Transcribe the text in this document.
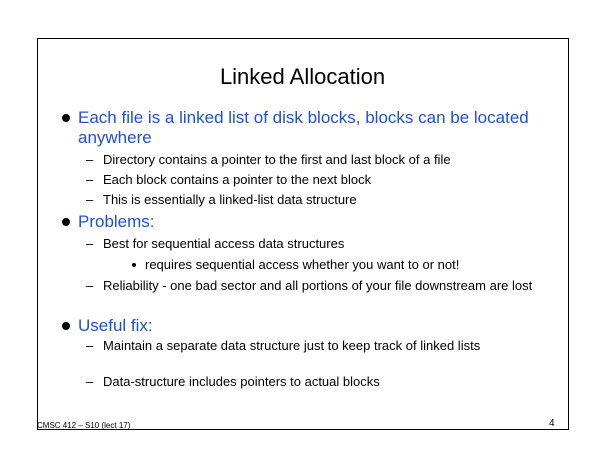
Linked Allocation
Each file is a linked list of disk blocks, blocks can be located anywhere
– Directory contains a pointer to the first and last block of a file
– Each block contains a pointer to the next block
– This is essentially a linked-list data structure
Problems:
– Best for sequential access data structures
requires sequential access whether you want to or not!
– Reliability - one bad sector and all portions of your file downstream are lost
Useful fix:
– Maintain a separate data structure just to keep track of linked lists
– Data-structure includes pointers to actual blocks
CMSC 412 – S10 (lect 17)	4
